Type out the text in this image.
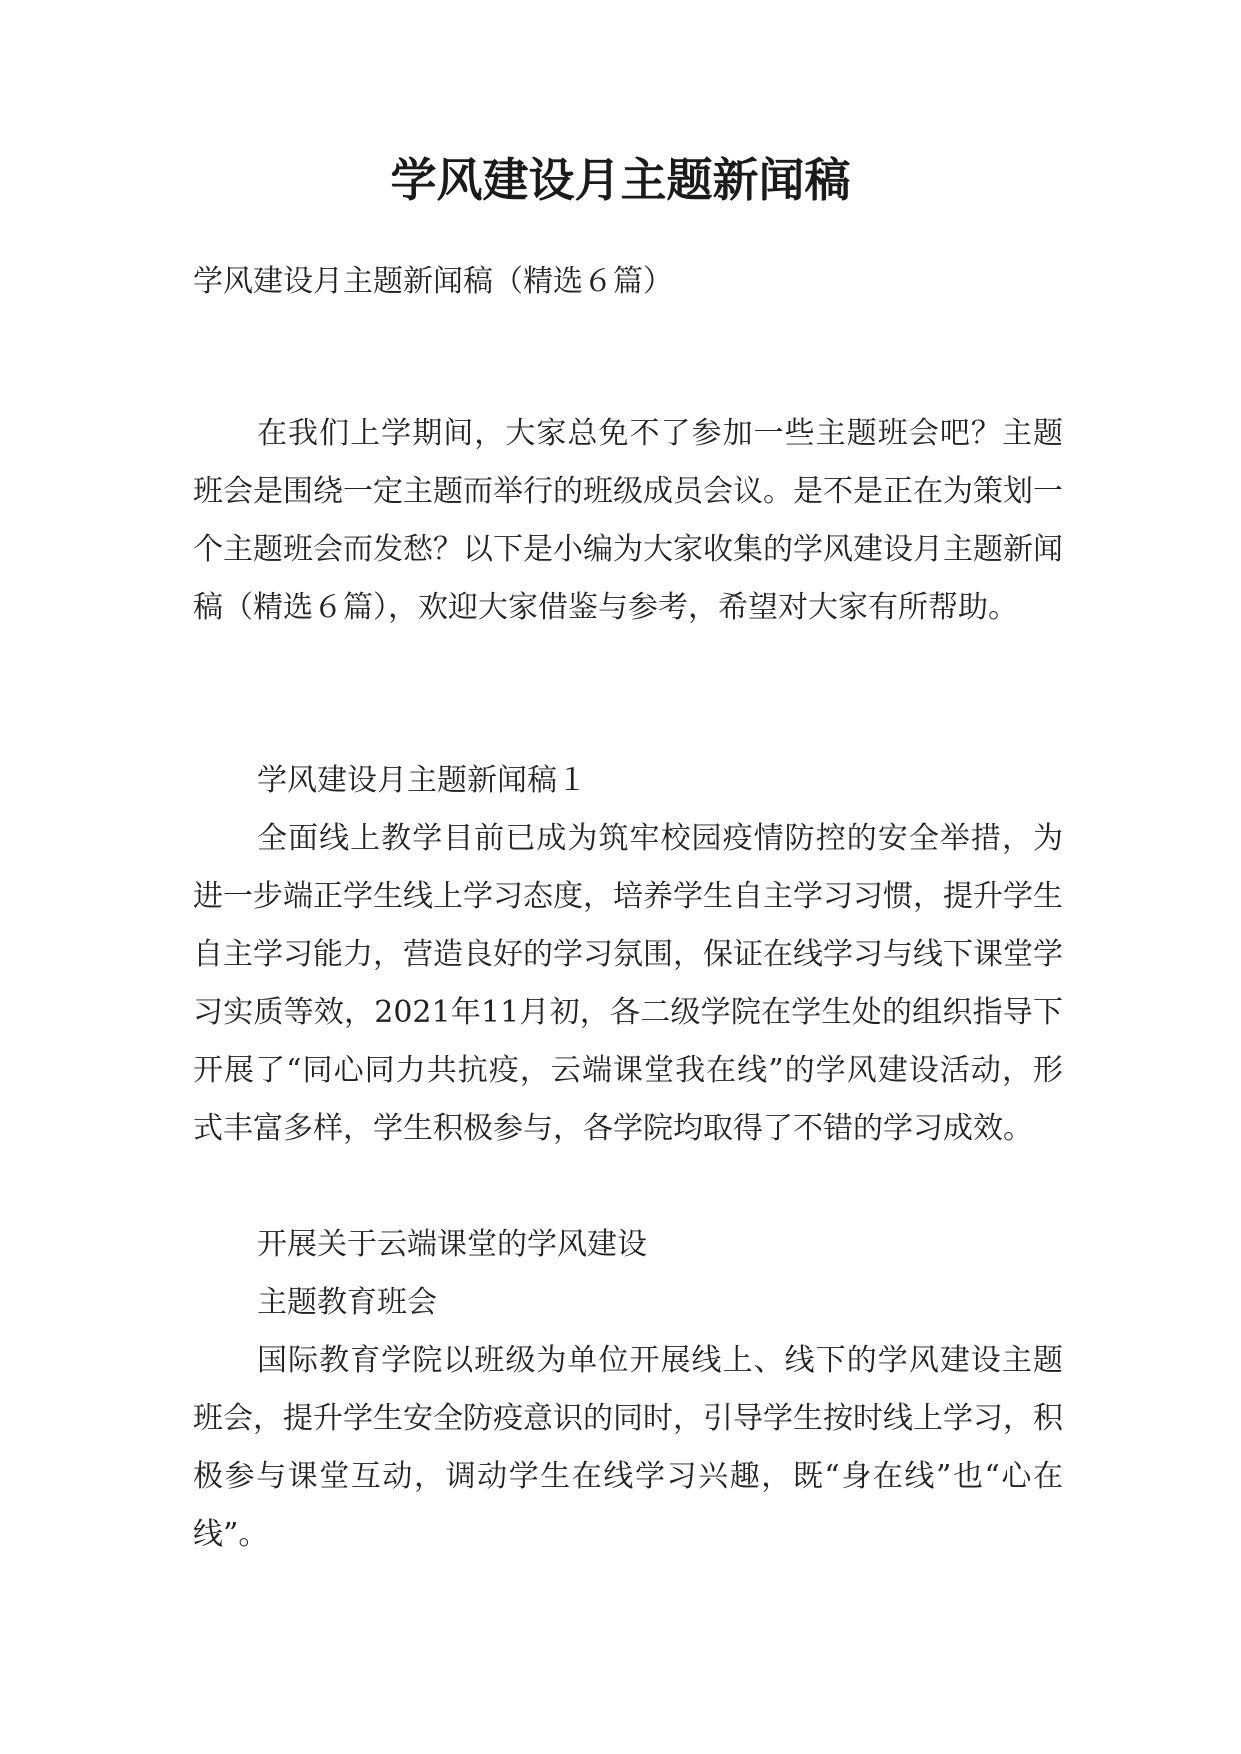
学风建设月主题新闻稿

学风建设月主题新闻稿（精选６篇）

在我们上学期间，大家总免不了参加一些主题班会吧？主题班会是围绕一定主题而举行的班级成员会议。是不是正在为策划一个主题班会而发愁？以下是小编为大家收集的学风建设月主题新闻稿（精选６篇），欢迎大家借鉴与参考，希望对大家有所帮助。

学风建设月主题新闻稿１

全面线上教学目前已成为筑牢校园疫情防控的安全举措，为进一步端正学生线上学习态度，培养学生自主学习习惯，提升学生自主学习能力，营造良好的学习氛围，保证在线学习与线下课堂学习实质等效，2021年11月初，各二级学院在学生处的组织指导下开展了“同心同力共抗疫，云端课堂我在线”的学风建设活动，形式丰富多样，学生积极参与，各学院均取得了不错的学习成效。

开展关于云端课堂的学风建设

主题教育班会

国际教育学院以班级为单位开展线上、线下的学风建设主题班会，提升学生安全防疫意识的同时，引导学生按时线上学习，积极参与课堂互动，调动学生在线学习兴趣，既“身在线”也“心在线”。
